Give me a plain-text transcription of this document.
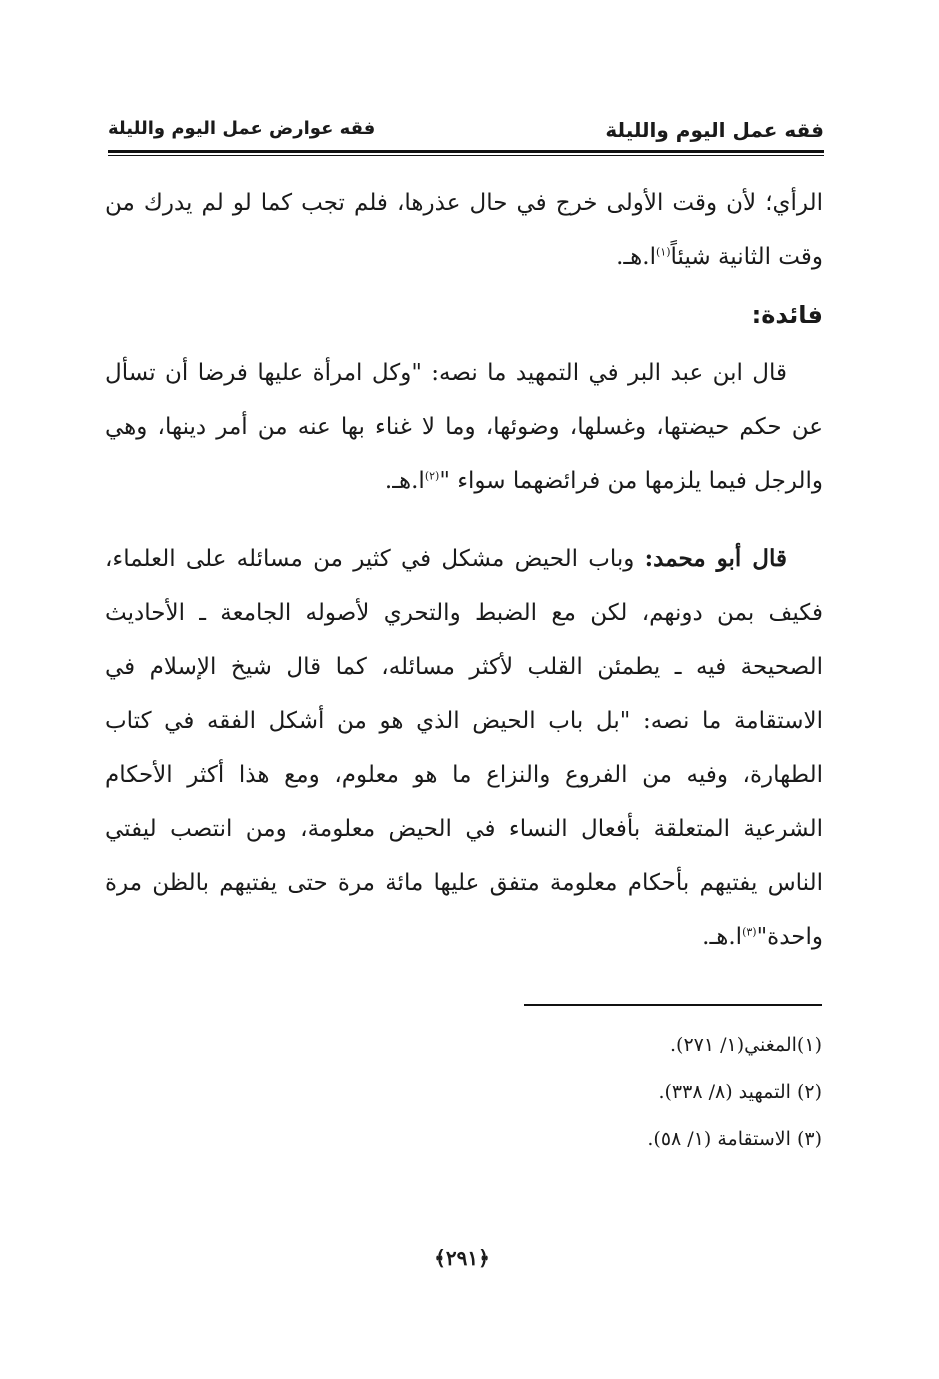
فقه عمل اليوم والليلة
فقه عوارض عمل اليوم والليلة

الرأي؛ لأن وقت الأولى خرج في حال عذرها، فلم تجب كما لو لم يدرك من وقت الثانية شيئاً$^{(١)}$ا.هـ.

فائدة:

قال ابن عبد البر في التمهيد ما نصه: "وكل امرأة عليها فرضا أن تسأل عن حكم حيضتها، وغسلها، وضوئها، وما لا غناء بها عنه من أمر دينها، وهي والرجل فيما يلزمها من فرائضهما سواء "$^{(٢)}$ا.هـ.

قال أبو محمد: وباب الحيض مشكل في كثير من مسائله على العلماء، فكيف بمن دونهم، لكن مع الضبط والتحري لأصوله الجامعة ـ الأحاديث الصحيحة فيه ـ يطمئن القلب لأكثر مسائله، كما قال شيخ الإسلام في الاستقامة ما نصه: "بل باب الحيض الذي هو من أشكل الفقه في كتاب الطهارة، وفيه من الفروع والنزاع ما هو معلوم، ومع هذا أكثر الأحكام الشرعية المتعلقة بأفعال النساء في الحيض معلومة، ومن انتصب ليفتي الناس يفتيهم بأحكام معلومة متفق عليها مائة مرة حتى يفتيهم بالظن مرة واحدة"$^{(٣)}$ا.هـ.

(١)المغني(١/ ٢٧١).
(٢) التمهيد (٨/ ٣٣٨).
(٣) الاستقامة (١/ ٥٨).
﴿٢٩١﴾
